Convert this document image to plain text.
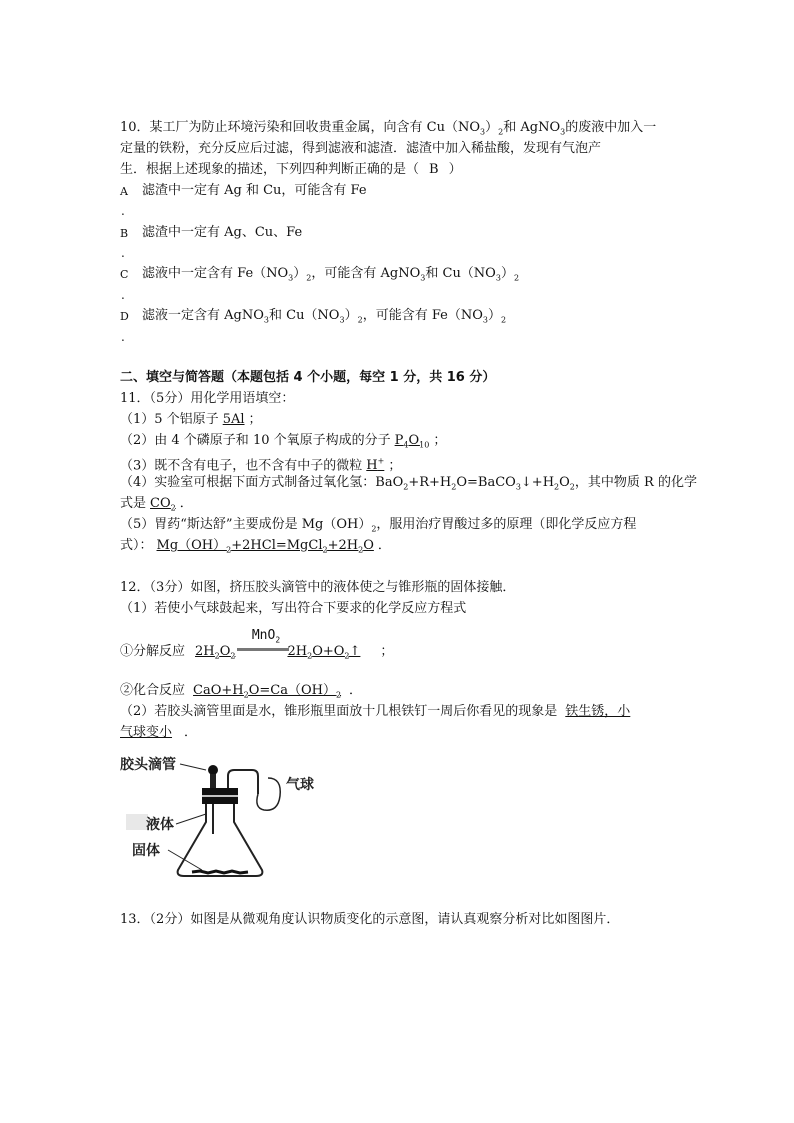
10．某工厂为防止环境污染和回收贵重金属，向含有 $Cu(NO_3)_2$和 AgNO$_3$的废液中加入一
定量的铁粉，充分反应后过滤，得到滤液和滤渣．滤渣中加入稀盐酸，发现有气泡产
生．根据上述现象的描述，下列四种判断正确的是（ B ）
A 滤渣中一定有 Ag 和 Cu，可能含有 Fe
.
B 滤渣中一定有 Ag、Cu、Fe
.
C 滤液中一定含有 $Fe(NO_3)_2$，可能含有 AgNO$_3$和 $Cu(NO_3)_2$
.
D 滤液一定含有 AgNO$_3$和 $Cu(NO_3)_2$，可能含有 $Fe(NO_3)_2$
.
二、填空与简答题（本题包括 4 个小题，每空 1 分，共 16 分）
11．（5分）用化学用语填空：
（1）5 个铝原子 5Al ；
（2）由 4 个磷原子和 10 个氧原子构成的分子 $P_4O_{10}$ ；
（3）既不含有电子，也不含有中子的微粒 H+ ；
（4）实验室可根据下面方式制备过氧化氢：$BaO_2+R+H_2O=BaCO_3↓+H_2O_2$，其中物质 R 的化学
式是 $CO_2$ ．
（5）胃药“斯达舒”主要成份是 $Mg(OH)_2$，服用治疗胃酸过多的原理（即化学反应方程
式）： $Mg(OH)_2+2HCl=MgCl_2+2H_2O$ ．
12．（3分）如图，挤压胶头滴管中的液体使之与锥形瓶的固体接触．
（1）若使小气球鼓起来，写出符合下要求的化学反应方程式
MnO$_2$
①分解反应 $2H_2O_2$	$2H_2O+O_2↑$ ；
②化合反应 $CaO+H_2O=Ca(OH)_2$ ．
（2）若胶头滴管里面是水，锥形瓶里面放十几根铁钉一周后你看见的现象是 铁生锈，小
气球变小 ．
胶头滴管
气球
液体
固体
13．（2分）如图是从微观角度认识物质变化的示意图，请认真观察分析对比如图图片．
